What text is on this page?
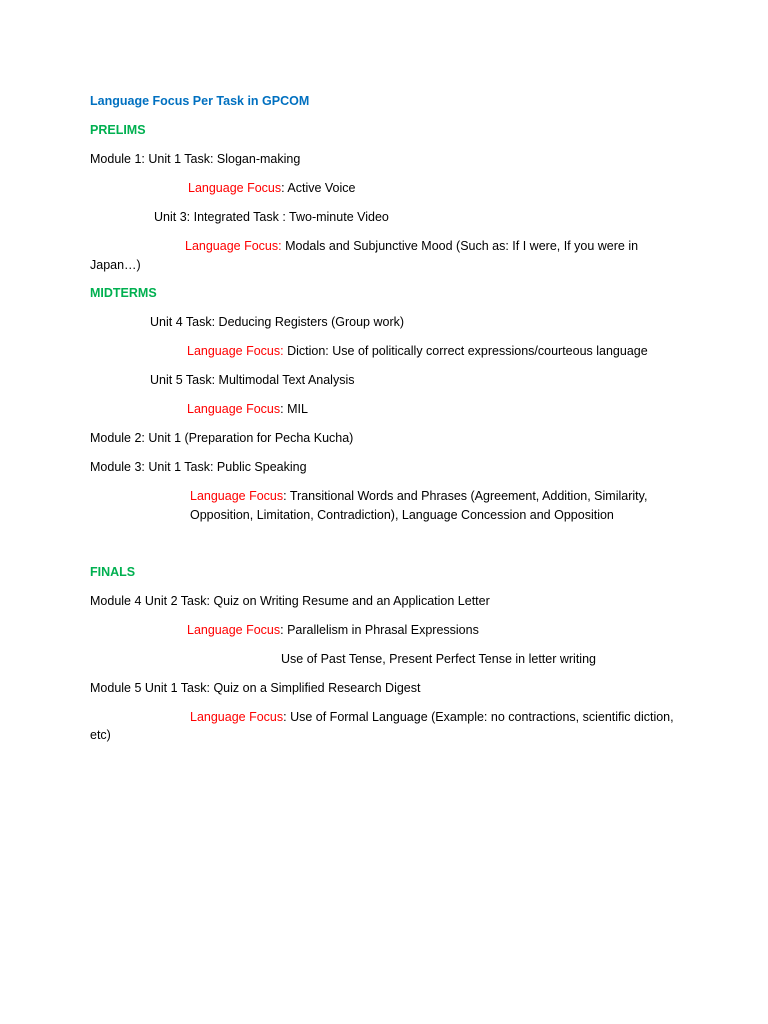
Language Focus Per Task in GPCOM
PRELIMS
Module 1: Unit 1 Task: Slogan-making
Language Focus: Active Voice
Unit 3: Integrated Task : Two-minute Video
Language Focus: Modals and Subjunctive Mood (Such as: If I were, If you were in
Japan…)
MIDTERMS
Unit 4 Task: Deducing Registers (Group work)
Language Focus: Diction: Use of politically correct expressions/courteous language
Unit 5 Task: Multimodal Text Analysis
Language Focus: MIL
Module 2: Unit 1 (Preparation for Pecha Kucha)
Module 3: Unit 1 Task: Public Speaking
Language Focus: Transitional Words and Phrases (Agreement, Addition, Similarity,
Opposition, Limitation, Contradiction), Language Concession and Opposition
FINALS
Module 4 Unit 2 Task: Quiz on Writing Resume and an Application Letter
Language Focus: Parallelism in Phrasal Expressions
Use of Past Tense, Present Perfect Tense in letter writing
Module 5 Unit 1 Task: Quiz on a Simplified Research Digest
Language Focus: Use of Formal Language (Example: no contractions, scientific diction,
etc)
